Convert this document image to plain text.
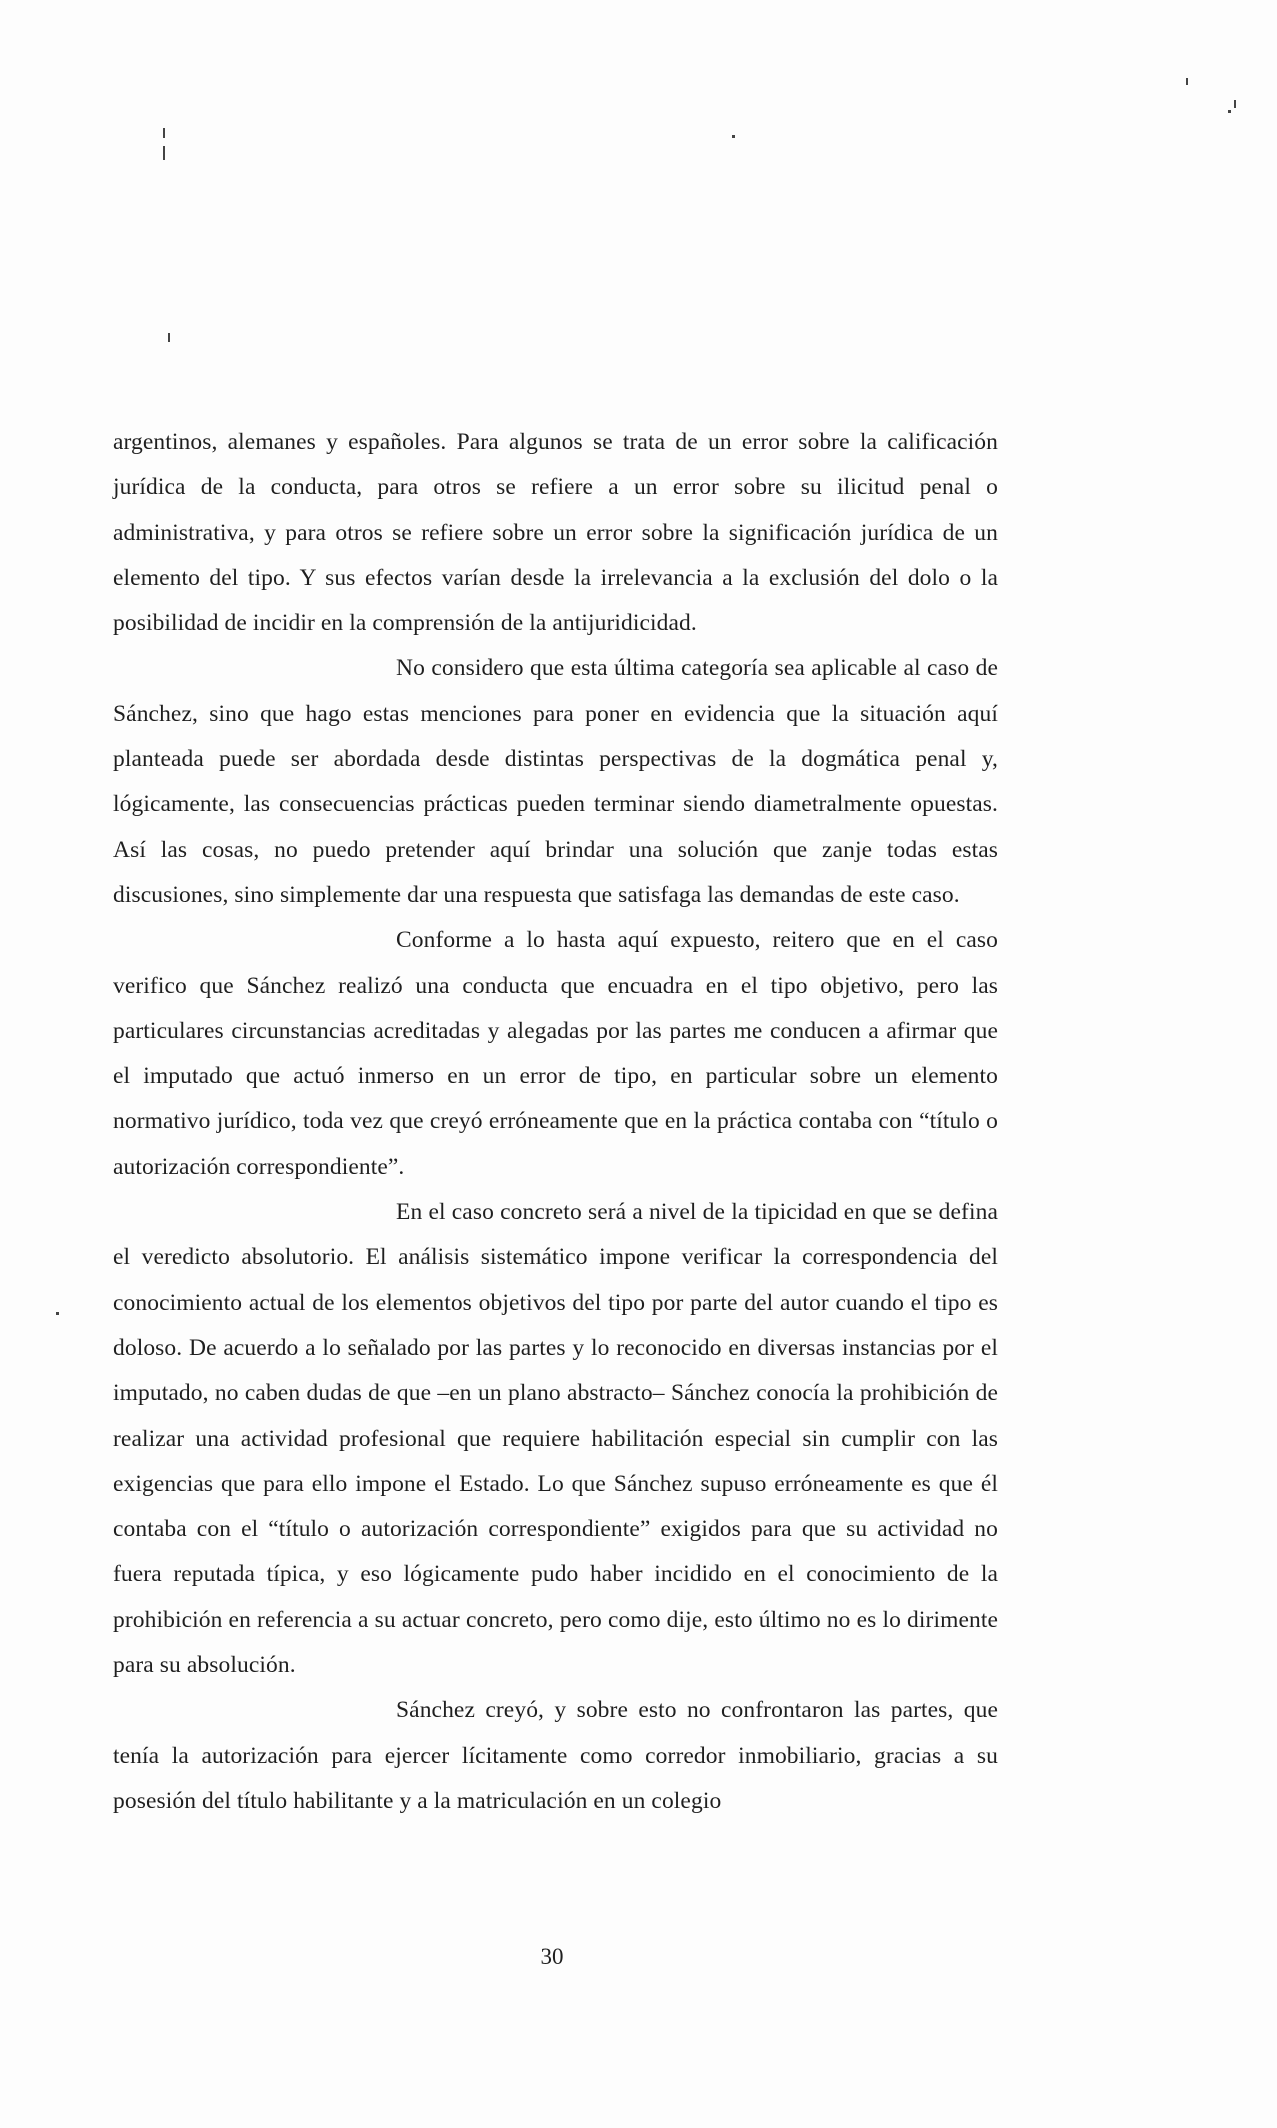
argentinos, alemanes y españoles. Para algunos se trata de un error sobre la calificación jurídica de la conducta, para otros se refiere a un error sobre su ilicitud penal o administrativa, y para otros se refiere sobre un error sobre la significación jurídica de un elemento del tipo. Y sus efectos varían desde la irrelevancia a la exclusión del dolo o la posibilidad de incidir en la comprensión de la antijuridicidad.

No considero que esta última categoría sea aplicable al caso de Sánchez, sino que hago estas menciones para poner en evidencia que la situación aquí planteada puede ser abordada desde distintas perspectivas de la dogmática penal y, lógicamente, las consecuencias prácticas pueden terminar siendo diametralmente opuestas. Así las cosas, no puedo pretender aquí brindar una solución que zanje todas estas discusiones, sino simplemente dar una respuesta que satisfaga las demandas de este caso.

Conforme a lo hasta aquí expuesto, reitero que en el caso verifico que Sánchez realizó una conducta que encuadra en el tipo objetivo, pero las particulares circunstancias acreditadas y alegadas por las partes me conducen a afirmar que el imputado que actuó inmerso en un error de tipo, en particular sobre un elemento normativo jurídico, toda vez que creyó erróneamente que en la práctica contaba con “título o autorización correspondiente”.

En el caso concreto será a nivel de la tipicidad en que se defina el veredicto absolutorio. El análisis sistemático impone verificar la correspondencia del conocimiento actual de los elementos objetivos del tipo por parte del autor cuando el tipo es doloso. De acuerdo a lo señalado por las partes y lo reconocido en diversas instancias por el imputado, no caben dudas de que –en un plano abstracto– Sánchez conocía la prohibición de realizar una actividad profesional que requiere habilitación especial sin cumplir con las exigencias que para ello impone el Estado. Lo que Sánchez supuso erróneamente es que él contaba con el “título o autorización correspondiente” exigidos para que su actividad no fuera reputada típica, y eso lógicamente pudo haber incidido en el conocimiento de la prohibición en referencia a su actuar concreto, pero como dije, esto último no es lo dirimente para su absolución.

Sánchez creyó, y sobre esto no confrontaron las partes, que tenía la autorización para ejercer lícitamente como corredor inmobiliario, gracias a su posesión del título habilitante y a la matriculación en un colegio

30
